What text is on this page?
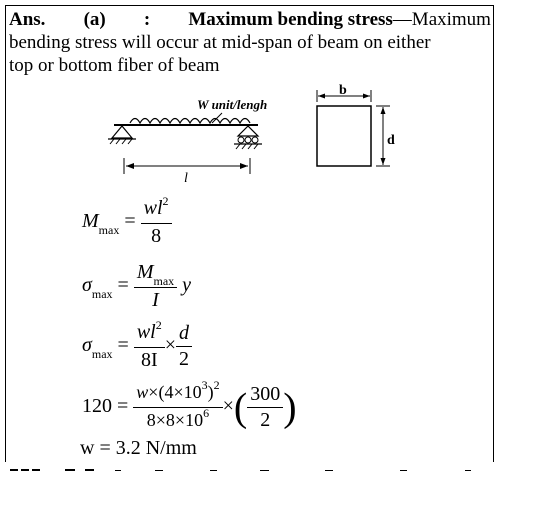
Ans. (a) : Maximum bending stress—Maximum
bending stress will occur at mid-span of beam on either
top or bottom fiber of beam
W unit/lengh
l
b
d
$M_{max} = \frac{wl^2}{8}$
$\sigma_{max} = \frac{M_{max}}{I}$ y
$\sigma_{max} = \frac{wl^2}{8I} \times \frac{d}{2}$
$120 = \frac{w\times(4\times 10^3)^2}{8\times 8\times 10^6}$ ×( $\frac{300}{2}$ )
w = 3.2 N/mm
